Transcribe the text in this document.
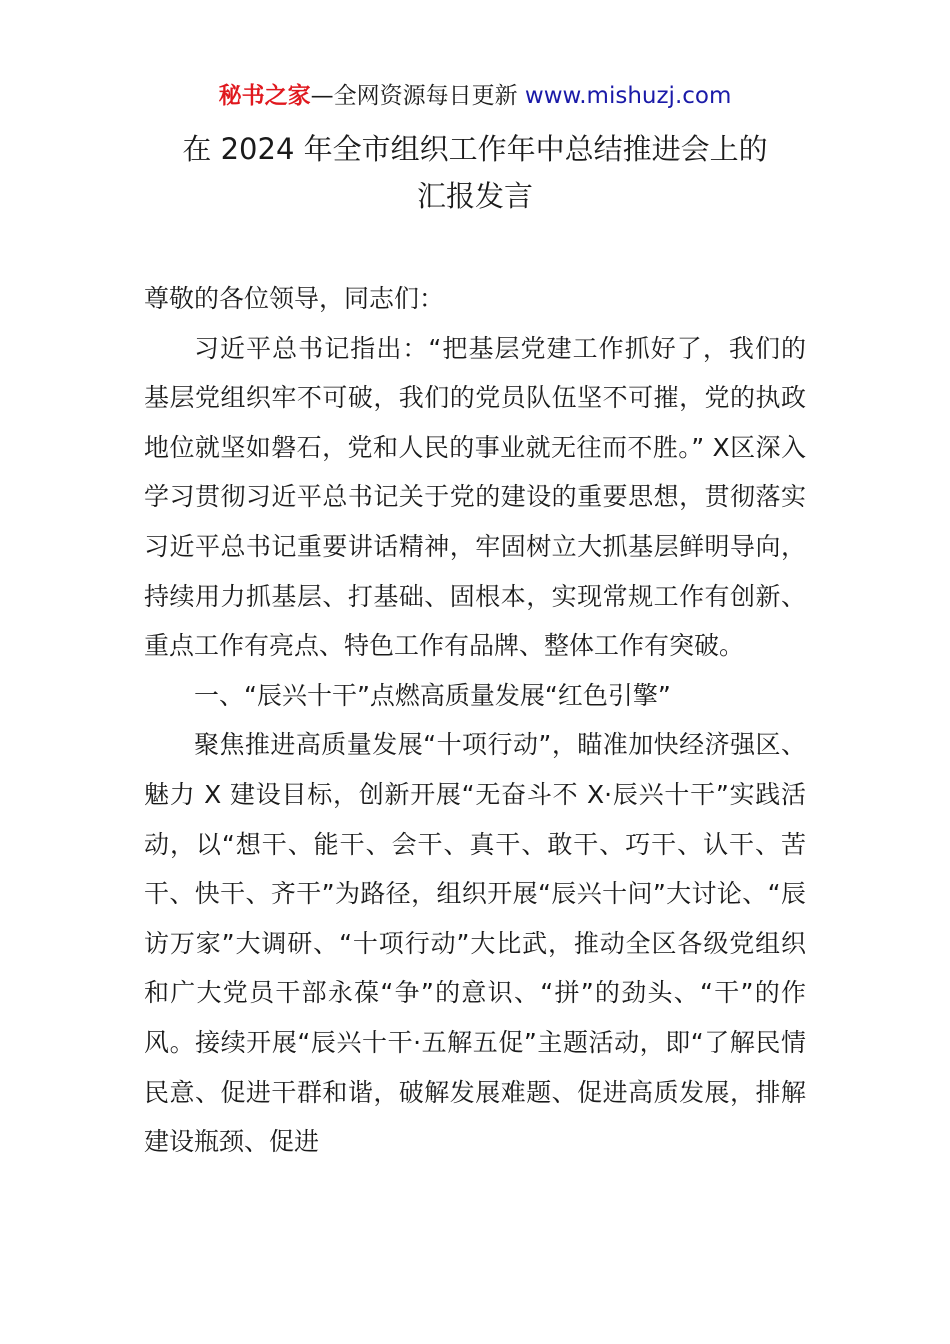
秘书之家—全网资源每日更新 www.mishuzj.com
在 2024 年全市组织工作年中总结推进会上的
汇报发言

尊敬的各位领导，同志们：

习近平总书记指出：“把基层党建工作抓好了，我们的基层党组织牢不可破，我们的党员队伍坚不可摧，党的执政地位就坚如磐石，党和人民的事业就无往而不胜。” X区深入学习贯彻习近平总书记关于党的建设的重要思想，贯彻落实习近平总书记重要讲话精神，牢固树立大抓基层鲜明导向，持续用力抓基层、打基础、固根本，实现常规工作有创新、重点工作有亮点、特色工作有品牌、整体工作有突破。

一、“辰兴十干”点燃高质量发展“红色引擎”

聚焦推进高质量发展“十项行动”，瞄准加快经济强区、魅力 X 建设目标，创新开展“无奋斗不 X·辰兴十干”实践活动，以“想干、能干、会干、真干、敢干、巧干、认干、苦干、快干、齐干”为路径，组织开展“辰兴十问”大讨论、“辰访万家”大调研、“十项行动”大比武，推动全区各级党组织和广大党员干部永葆“争”的意识、“拼”的劲头、“干”的作风。接续开展“辰兴十干·五解五促”主题活动，即“了解民情民意、促进干群和谐，破解发展难题、促进高质发展，排解建设瓶颈、促进
